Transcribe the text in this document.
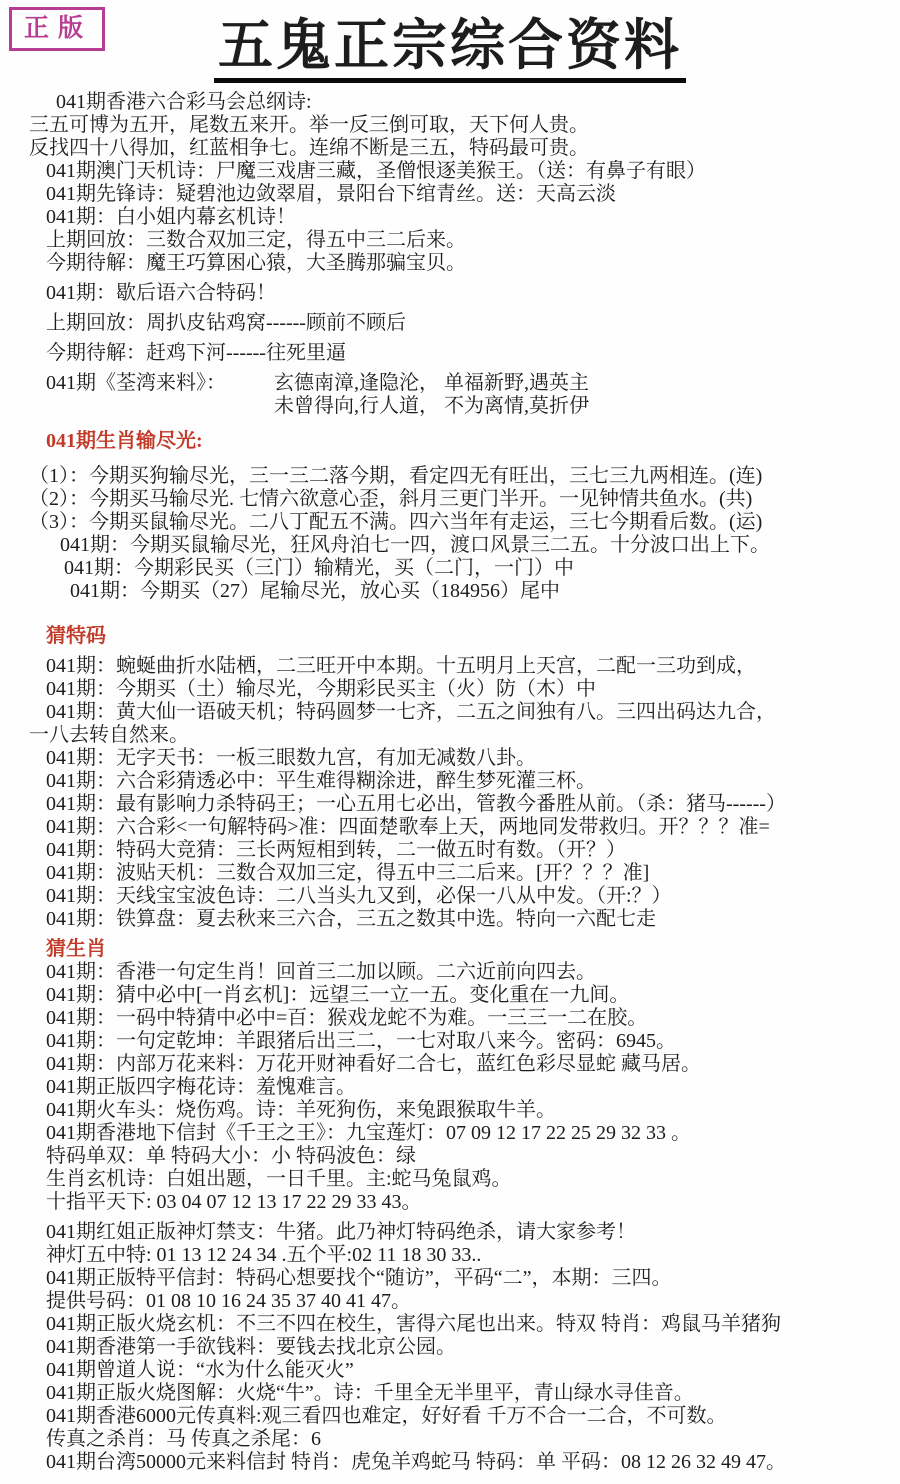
正版	五鬼正宗综合资料

041期香港六合彩马会总纲诗:

三五可博为五开，尾数五来开。举一反三倒可取，天下何人贵。

反找四十八得加，红蓝相争七。连绵不断是三五，特码最可贵。

041期澳门天机诗：尸魔三戏唐三藏，圣僧恨逐美猴王。（送：有鼻子有眼）

041期先锋诗：疑碧池边敛翠眉，景阳台下绾青丝。送：天高云淡

041期：白小姐内幕玄机诗！

上期回放：三数合双加三定，得五中三二后来。

今期待解：魔王巧算困心猿，大圣腾那骗宝贝。

041期：歇后语六合特码！

上期回放：周扒皮钻鸡窝------顾前不顾后

今期待解：赶鸡下河------往死里逼

041期《荃湾来料》： 玄德南漳,逢隐沦， 单福新野,遇英主

未曾得向,行人道， 不为离情,莫折伊

041期生肖输尽光:

（1）：今期买狗输尽光，三一三二落今期，看定四无有旺出，三七三九两相连。(连)

（2）：今期买马输尽光. 七情六欲意心歪，斜月三更门半开。一见钟情共鱼水。(共)

（3）：今期买鼠输尽光。二八丁配五不满。四六当年有走运，三七今期看后数。(运)

041期：今期买鼠输尽光，狂风舟泊七一四，渡口风景三二五。十分波口出上下。

041期：今期彩民买（三门）输精光，买（二门，一门）中

041期：今期买（27）尾输尽光，放心买（184956）尾中

猜特码

041期：蜿蜒曲折水陆栖，二三旺开中本期。十五明月上天宫，二配一三功到成，

041期：今期买（土）输尽光，今期彩民买主（火）防（木）中

041期：黄大仙一语破天机；特码圆梦一七齐，二五之间独有八。三四出码达九合，

一八去转自然来。

041期：无字天书：一板三眼数九宫，有加无减数八卦。

041期：六合彩猜透必中：平生难得糊涂进，醉生梦死灌三杯。

041期：最有影响力杀特码王；一心五用七必出，管教今番胜从前。（杀：猪马------）

041期：六合彩<一句解特码>准：四面楚歌奉上天，两地同发带救归。开？？？准=

041期：特码大竞猜：三长两短相到转，二一做五时有数。（开？）

041期：波贴天机：三数合双加三定，得五中三二后来。[开？？？准]

041期：天线宝宝波色诗：二八当头九又到，必保一八从中发。（开:？）

041期：铁算盘：夏去秋来三六合，三五之数其中选。特向一六配七走

猜生肖

041期：香港一句定生肖！回首三二加以顾。二六近前向四去。

041期：猜中必中[一肖玄机]：远望三一立一五。变化重在一九间。

041期：一码中特猜中必中=百：猴戏龙蛇不为难。一三三一二在胶。

041期：一句定乾坤：羊跟猪后出三二，一七对取八来今。密码：6945。

041期：内部万花来料：万花开财神看好二合七，蓝红色彩尽显蛇 藏马居。

041期正版四字梅花诗：羞愧难言。

041期火车头：烧伤鸡。诗：羊死狗伤，来兔跟猴取牛羊。

041期香港地下信封《千王之王》：九宝莲灯：07 09 12 17 22 25 29 32 33 。

特码单双：单 特码大小：小 特码波色：绿

生肖玄机诗：白姐出题，一日千里。主:蛇马兔鼠鸡。

十指平天下: 03 04 07 12 13 17 22 29 33 43。

041期红姐正版神灯禁支：牛猪。此乃神灯特码绝杀，请大家参考！

神灯五中特: 01 13 12 24 34 .五个平:02 11 18 30 33..

041期正版特平信封：特码心想要找个“随访”，平码“二”，本期：三四。

提供号码：01 08 10 16 24 35 37 40 41 47。

041期正版火烧玄机：不三不四在校生，害得六尾也出来。特双 特肖：鸡鼠马羊猪狗

041期香港第一手欲钱料：要钱去找北京公园。

041期曾道人说：“水为什么能灭火”

041期正版火烧图解：火烧“牛”。诗：千里全无半里平，青山绿水寻佳音。

041期香港6000元传真料:观三看四也难定，好好看 千万不合一二合，不可数。

传真之杀肖：马 传真之杀尾：6

041期台湾50000元来料信封 特肖：虎兔羊鸡蛇马 特码：单 平码：08 12 26 32 49 47。
